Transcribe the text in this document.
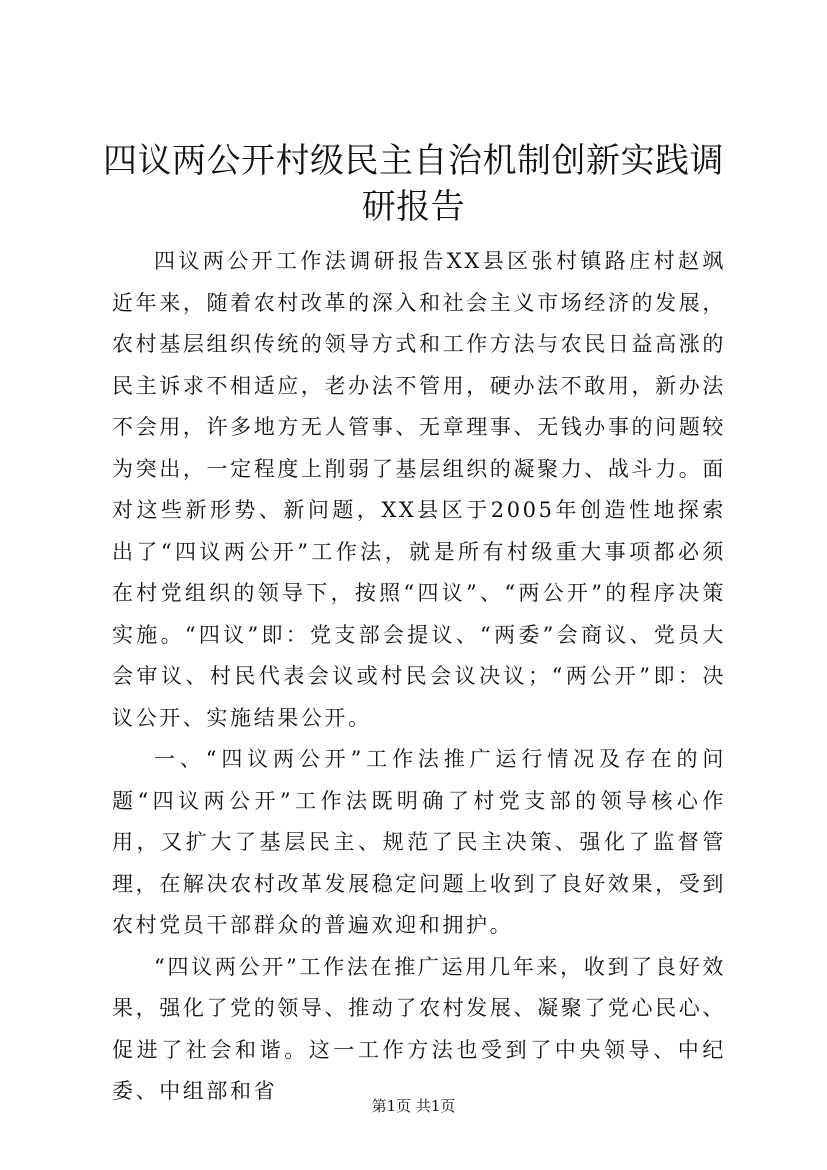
四议两公开村级民主自治机制创新实践调研报告

四议两公开工作法调研报告XX县区张村镇路庄村赵飒近年来，随着农村改革的深入和社会主义市场经济的发展，农村基层组织传统的领导方式和工作方法与农民日益高涨的民主诉求不相适应，老办法不管用，硬办法不敢用，新办法不会用，许多地方无人管事、无章理事、无钱办事的问题较为突出，一定程度上削弱了基层组织的凝聚力、战斗力。面对这些新形势、新问题，XX县区于2005年创造性地探索出了“四议两公开”工作法，就是所有村级重大事项都必须在村党组织的领导下，按照“四议”、“两公开”的程序决策实施。“四议”即：党支部会提议、“两委”会商议、党员大会审议、村民代表会议或村民会议决议；“两公开”即：决议公开、实施结果公开。

一、“四议两公开”工作法推广运行情况及存在的问题“四议两公开”工作法既明确了村党支部的领导核心作用，又扩大了基层民主、规范了民主决策、强化了监督管理，在解决农村改革发展稳定问题上收到了良好效果，受到农村党员干部群众的普遍欢迎和拥护。

“四议两公开”工作法在推广运用几年来，收到了良好效果，强化了党的领导、推动了农村发展、凝聚了党心民心、促进了社会和谐。这一工作方法也受到了中央领导、中纪委、中组部和省

第1页 共1页
